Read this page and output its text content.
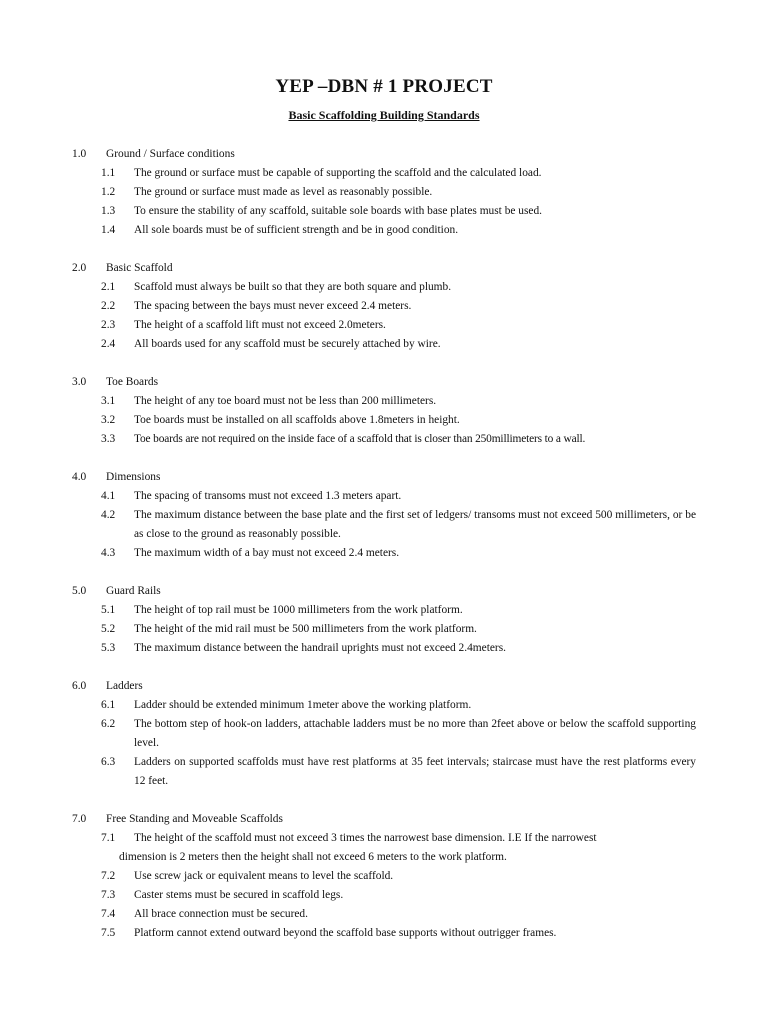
YEP –DBN # 1 PROJECT
Basic Scaffolding Building Standards
1.0	Ground / Surface conditions
1.1	The ground or surface must be capable of supporting the scaffold and the calculated load.
1.2	The ground or surface must made as level as reasonably possible.
1.3	To ensure the stability of any scaffold, suitable sole boards with base plates must be used.
1.4	All sole boards must be of sufficient strength and be in good condition.
2.0	Basic Scaffold
2.1	Scaffold must always be built so that they are both square and plumb.
2.2	The spacing between the bays must never exceed 2.4 meters.
2.3	The height of a scaffold lift must not exceed 2.0meters.
2.4	All boards used for any scaffold must be securely attached by wire.
3.0	Toe Boards
3.1	The height of any toe board must not be less than 200 millimeters.
3.2	Toe boards must be installed on all scaffolds above 1.8meters in height.
3.3	Toe boards are not required on the inside face of a scaffold that is closer than 250millimeters to a wall.
4.0	Dimensions
4.1	The spacing of transoms must not exceed 1.3 meters apart.
4.2	The maximum distance between the base plate and the first set of ledgers/ transoms must not exceed 500 millimeters, or be as close to the ground as reasonably possible.
4.3	The maximum width of a bay must not exceed 2.4 meters.
5.0	Guard Rails
5.1	The height of top rail must be 1000 millimeters from the work platform.
5.2	The height of the mid rail must be 500 millimeters from the work platform.
5.3	The maximum distance between the handrail uprights must not exceed 2.4meters.
6.0	Ladders
6.1	Ladder should be extended minimum 1meter above the working platform.
6.2	The bottom step of hook-on ladders, attachable ladders must be no more than 2feet above or below the scaffold supporting level.
6.3	Ladders on supported scaffolds must have rest platforms at 35 feet intervals; staircase must have the rest platforms every 12 feet.
7.0	Free Standing and Moveable Scaffolds
7.1 The height of the scaffold must not exceed 3 times the narrowest base dimension. I.E If the narrowest
dimension is 2 meters then the height shall not exceed 6 meters to the work platform.
7.2	Use screw jack or equivalent means to level the scaffold.
7.3	Caster stems must be secured in scaffold legs.
7.4	All brace connection must be secured.
7.5	Platform cannot extend outward beyond the scaffold base supports without outrigger frames.
